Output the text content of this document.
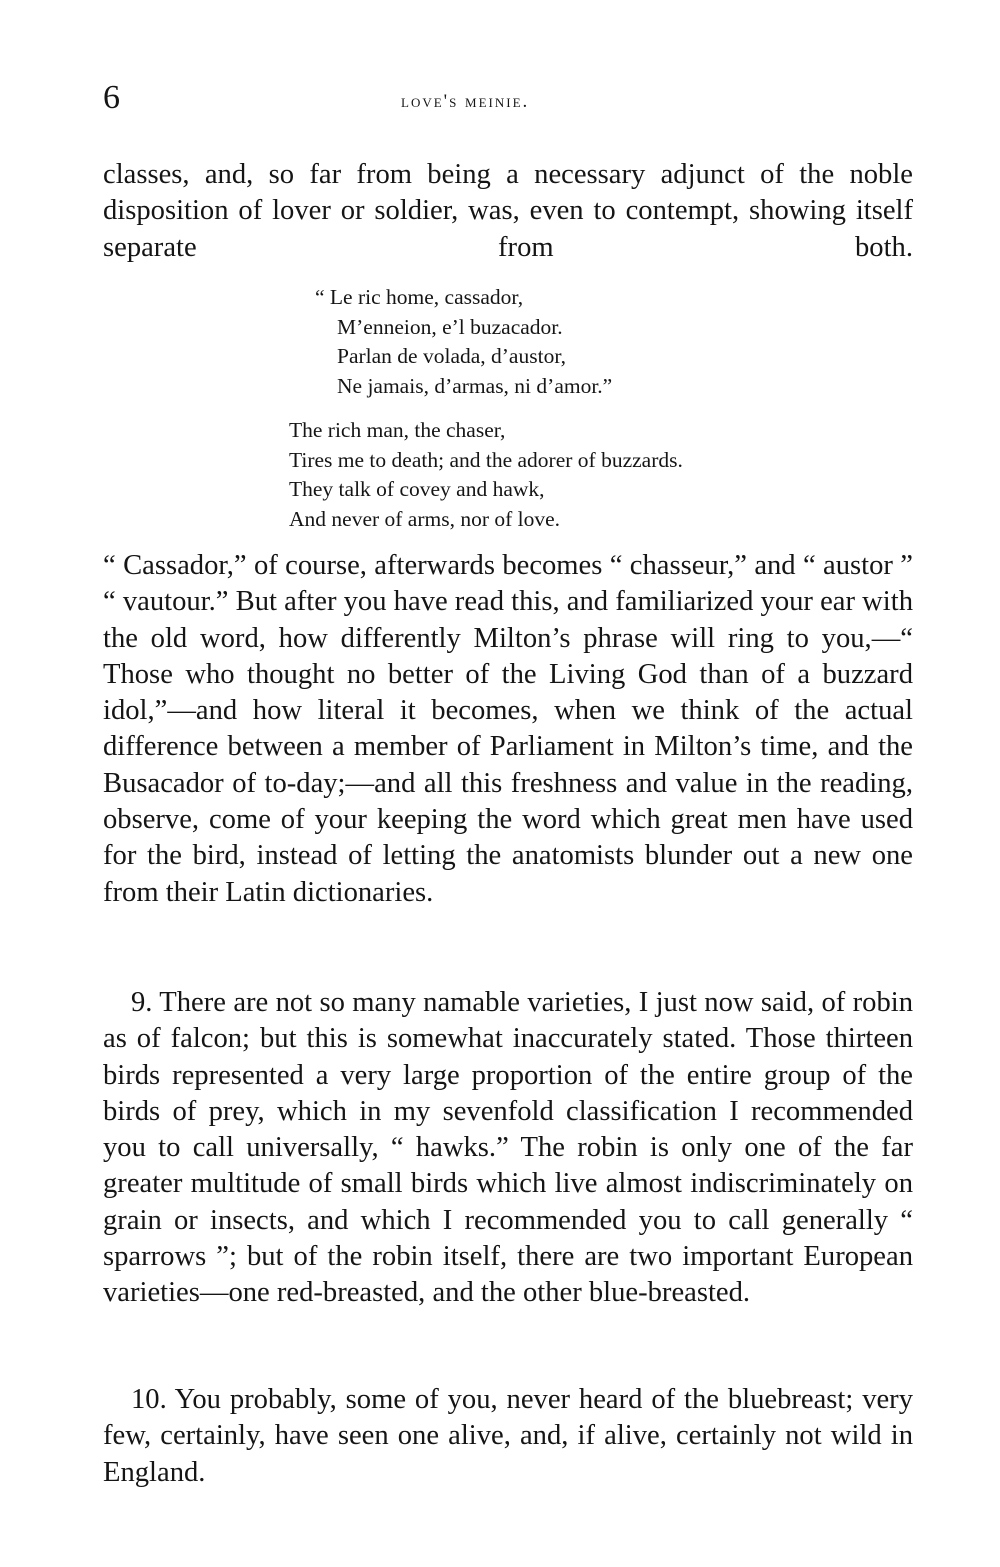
6	love's meinie.

classes, and, so far from being a necessary adjunct of the noble disposition of lover or soldier, was, even to contempt, showing itself separate from both.

“ Le ric home, cassador,
M’enneion, e’l buzacador.
Parlan de volada, d’austor,
Ne jamais, d’armas, ni d’amor.”
The rich man, the chaser,
Tires me to death; and the adorer of buzzards.
They talk of covey and hawk,
And never of arms, nor of love.

“ Cassador,” of course, afterwards becomes “ chasseur,” and “ austor ” “ vautour.” But after you have read this, and familiarized your ear with the old word, how differently Milton’s phrase will ring to you,—“ Those who thought no better of the Living God than of a buzzard idol,”—and how literal it becomes, when we think of the actual difference between a member of Parliament in Milton’s time, and the Busacador of to-day;—and all this freshness and value in the reading, observe, come of your keeping the word which great men have used for the bird, instead of letting the anatomists blunder out a new one from their Latin dictionaries.

9. There are not so many namable varieties, I just now said, of robin as of falcon; but this is somewhat inaccurately stated. Those thirteen birds represented a very large proportion of the entire group of the birds of prey, which in my sevenfold classification I recommended you to call universally, “ hawks.” The robin is only one of the far greater multitude of small birds which live almost indiscriminately on grain or insects, and which I recommended you to call generally “ sparrows ”; but of the robin itself, there are two important European varieties—one red-breasted, and the other blue-breasted.

10. You probably, some of you, never heard of the bluebreast; very few, certainly, have seen one alive, and, if alive, certainly not wild in England.
